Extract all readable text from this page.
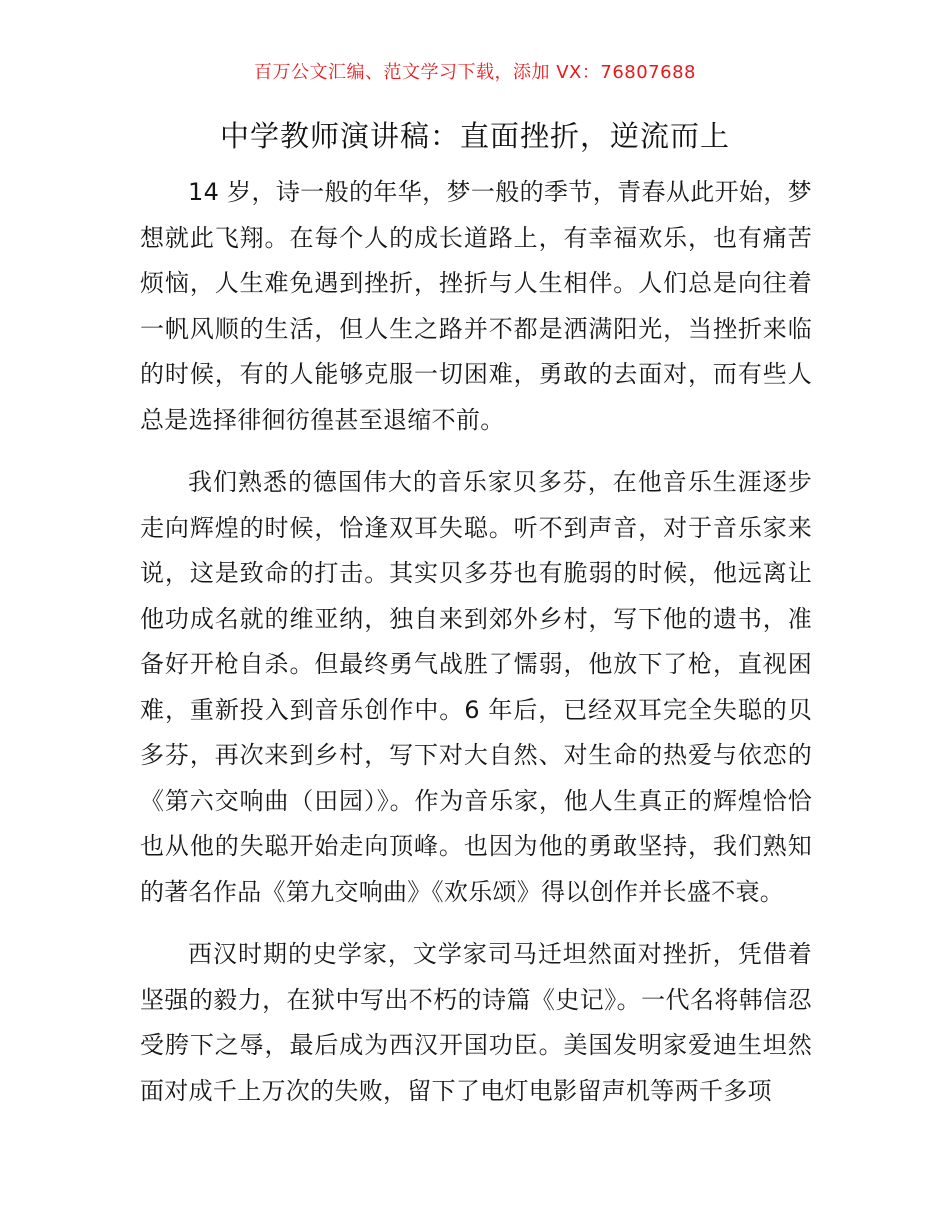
百万公文汇编、范文学习下载，添加 VX：76807688
中学教师演讲稿：直面挫折，逆流而上

14 岁，诗一般的年华，梦一般的季节，青春从此开始，梦想就此飞翔。在每个人的成长道路上，有幸福欢乐，也有痛苦烦恼，人生难免遇到挫折，挫折与人生相伴。人们总是向往着一帆风顺的生活，但人生之路并不都是洒满阳光，当挫折来临的时候，有的人能够克服一切困难，勇敢的去面对，而有些人总是选择徘徊彷徨甚至退缩不前。

我们熟悉的德国伟大的音乐家贝多芬，在他音乐生涯逐步走向辉煌的时候，恰逢双耳失聪。听不到声音，对于音乐家来说，这是致命的打击。其实贝多芬也有脆弱的时候，他远离让他功成名就的维亚纳，独自来到郊外乡村，写下他的遗书，准备好开枪自杀。但最终勇气战胜了懦弱，他放下了枪，直视困难，重新投入到音乐创作中。6 年后，已经双耳完全失聪的贝多芬，再次来到乡村，写下对大自然、对生命的热爱与依恋的《第六交响曲（田园）》。作为音乐家，他人生真正的辉煌恰恰也从他的失聪开始走向顶峰。也因为他的勇敢坚持，我们熟知的著名作品《第九交响曲》《欢乐颂》得以创作并长盛不衰。

西汉时期的史学家，文学家司马迁坦然面对挫折，凭借着坚强的毅力，在狱中写出不朽的诗篇《史记》。一代名将韩信忍受胯下之辱，最后成为西汉开国功臣。美国发明家爱迪生坦然面对成千上万次的失败，留下了电灯电影留声机等两千多项
